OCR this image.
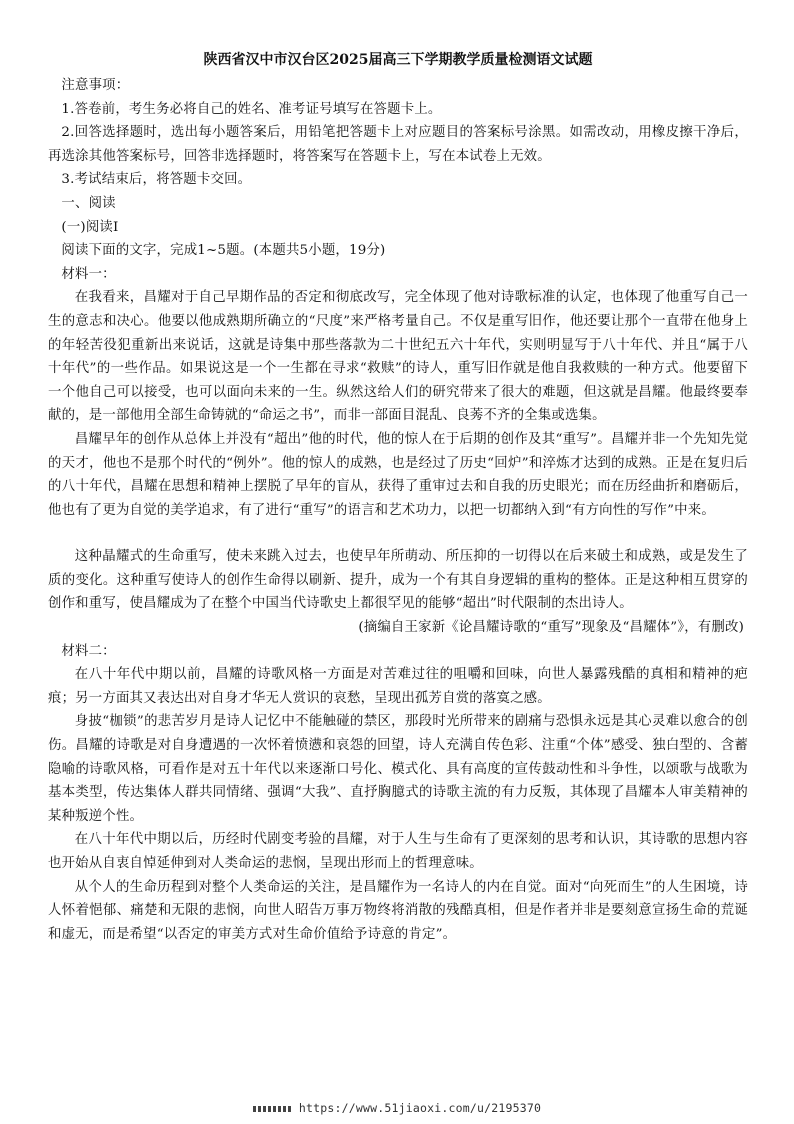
陕西省汉中市汉台区2025届高三下学期教学质量检测语文试题

注意事项：

1.答卷前，考生务必将自己的姓名、准考证号填写在答题卡上。

2.回答选择题时，选出每小题答案后，用铅笔把答题卡上对应题目的答案标号涂黑。如需改动，用橡皮擦干净后，再选涂其他答案标号，回答非选择题时，将答案写在答题卡上，写在本试卷上无效。

3.考试结束后，将答题卡交回。

一、阅读

(一)阅读Ⅰ

阅读下面的文字，完成1~5题。(本题共5小题，19分)

材料一：

在我看来，昌耀对于自己早期作品的否定和彻底改写，完全体现了他对诗歌标准的认定，也体现了他重写自己一生的意志和决心。他要以他成熟期所确立的“尺度”来严格考量自己。不仅是重写旧作，他还要让那个一直带在他身上的年轻苦役犯重新出来说话，这就是诗集中那些落款为二十世纪五六十年代，实则明显写于八十年代、并且“属于八十年代”的一些作品。如果说这是一个一生都在寻求“救赎”的诗人，重写旧作就是他自我救赎的一种方式。他要留下一个他自己可以接受，也可以面向未来的一生。纵然这给人们的研究带来了很大的难题，但这就是昌耀。他最终要奉献的，是一部他用全部生命铸就的“命运之书”，而非一部面目混乱、良莠不齐的全集或选集。

昌耀早年的创作从总体上并没有“超出”他的时代，他的惊人在于后期的创作及其“重写”。昌耀并非一个先知先觉的天才，他也不是那个时代的“例外”。他的惊人的成熟，也是经过了历史“回炉”和淬炼才达到的成熟。正是在复归后的八十年代，昌耀在思想和精神上摆脱了早年的盲从，获得了重审过去和自我的历史眼光；而在历经曲折和磨砺后，他也有了更为自觉的美学追求，有了进行“重写”的语言和艺术功力，以把一切都纳入到“有方向性的写作”中来。

这种晶耀式的生命重写，使未来跳入过去，也使早年所萌动、所压抑的一切得以在后来破土和成熟，或是发生了质的变化。这种重写使诗人的创作生命得以刷新、提升，成为一个有其自身逻辑的重构的整体。正是这种相互贯穿的创作和重写，使昌耀成为了在整个中国当代诗歌史上都很罕见的能够“超出”时代限制的杰出诗人。

(摘编自王家新《论昌耀诗歌的“重写”现象及“昌耀体”》，有删改)

材料二：

在八十年代中期以前，昌耀的诗歌风格一方面是对苦难过往的咀嚼和回味，向世人暴露残酷的真相和精神的疤痕；另一方面其又表达出对自身才华无人赏识的哀愁，呈现出孤芳自赏的落寞之感。

身披“枷锁”的悲苦岁月是诗人记忆中不能触碰的禁区，那段时光所带来的剧痛与恐惧永远是其心灵难以愈合的创伤。昌耀的诗歌是对自身遭遇的一次怀着愤懑和哀怨的回望，诗人充满自传色彩、注重“个体”感受、独白型的、含蓄隐喻的诗歌风格，可看作是对五十年代以来逐渐口号化、模式化、具有高度的宣传鼓动性和斗争性，以颂歌与战歌为基本类型，传达集体人群共同情绪、强调“大我”、直抒胸臆式的诗歌主流的有力反叛，其体现了昌耀本人审美精神的某种叛逆个性。

在八十年代中期以后，历经时代剧变考验的昌耀，对于人生与生命有了更深刻的思考和认识，其诗歌的思想内容也开始从自衷自悼延伸到对人类命运的悲悯，呈现出形而上的哲理意味。

从个人的生命历程到对整个人类命运的关注，是昌耀作为一名诗人的内在自觉。面对“向死而生”的人生困境，诗人怀着悒郁、痛楚和无限的悲悯，向世人昭告万事万物终将消散的残酷真相，但是作者并非是要刻意宣扬生命的荒诞和虚无，而是希望“以否定的审美方式对生命价值给予诗意的肯定”。

https://www.51jiaoxi.com/u/2195370
